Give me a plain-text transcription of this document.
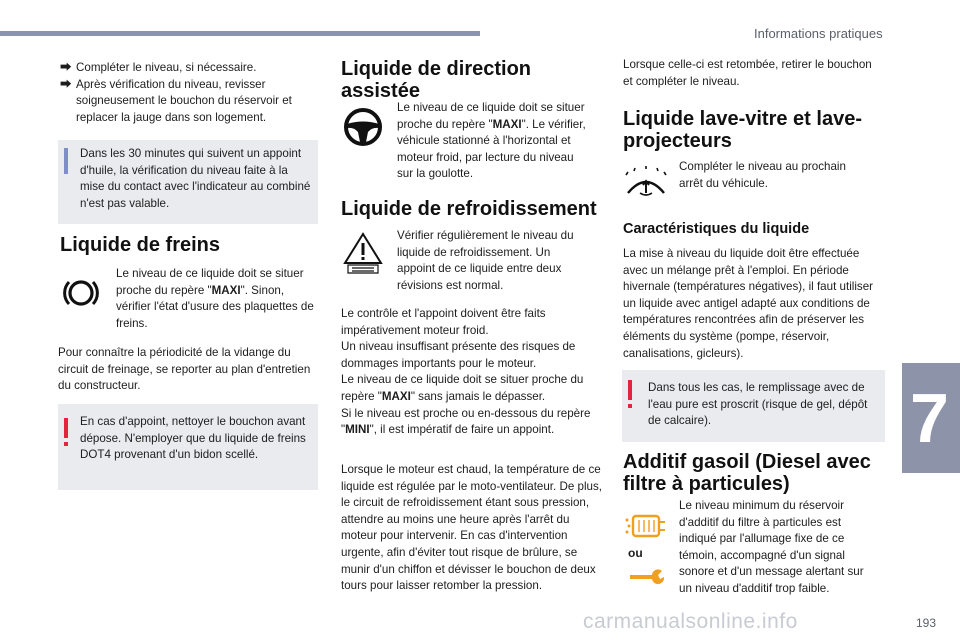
Informations pratiques
7
193
carmanualsonline.info
⮕ Compléter le niveau, si nécessaire.
⮕ Après vérification du niveau, revisser soigneusement le bouchon du réservoir et replacer la jauge dans son logement.

Dans les 30 minutes qui suivent un appoint d'huile, la vérification du niveau faite à la mise du contact avec l'indicateur au combiné n'est pas valable.

Liquide de freins

Le niveau de ce liquide doit se situer proche du repère "MAXI". Sinon, vérifier l'état d'usure des plaquettes de freins.

Pour connaître la périodicité de la vidange du circuit de freinage, se reporter au plan d'entretien du constructeur.

En cas d'appoint, nettoyer le bouchon avant dépose. N'employer que du liquide de freins DOT4 provenant d'un bidon scellé.

Liquide de direction
assistée

Le niveau de ce liquide doit se situer proche du repère "MAXI". Le vérifier, véhicule stationné à l'horizontal et moteur froid, par lecture du niveau sur la goulotte.

Liquide de refroidissement

Vérifier régulièrement le niveau du liquide de refroidissement. Un appoint de ce liquide entre deux révisions est normal.

Le contrôle et l'appoint doivent être faits impérativement moteur froid.

Un niveau insuffisant présente des risques de dommages importants pour le moteur.

Le niveau de ce liquide doit se situer proche du repère "MAXI" sans jamais le dépasser.

Si le niveau est proche ou en-dessous du repère "MINI", il est impératif de faire un appoint.

Lorsque le moteur est chaud, la température de ce liquide est régulée par le moto-ventilateur. De plus, le circuit de refroidissement étant sous pression, attendre au moins une heure après l'arrêt du moteur pour intervenir. En cas d'intervention urgente, afin d'éviter tout risque de brûlure, se munir d'un chiffon et dévisser le bouchon de deux tours pour laisser retomber la pression.

Lorsque celle-ci est retombée, retirer le bouchon et compléter le niveau.

Liquide lave-vitre et lave-
projecteurs

Compléter le niveau au prochain arrêt du véhicule.

Caractéristiques du liquide

La mise à niveau du liquide doit être effectuée avec un mélange prêt à l'emploi. En période hivernale (températures négatives), il faut utiliser un liquide avec antigel adapté aux conditions de températures rencontrées afin de préserver les éléments du système (pompe, réservoir, canalisations, gicleurs).

Dans tous les cas, le remplissage avec de l'eau pure est proscrit (risque de gel, dépôt de calcaire).

Additif gasoil (Diesel avec
filtre à particules)
ou

Le niveau minimum du réservoir d'additif du filtre à particules est indiqué par l'allumage fixe de ce témoin, accompagné d'un signal sonore et d'un message alertant sur un niveau d'additif trop faible.
